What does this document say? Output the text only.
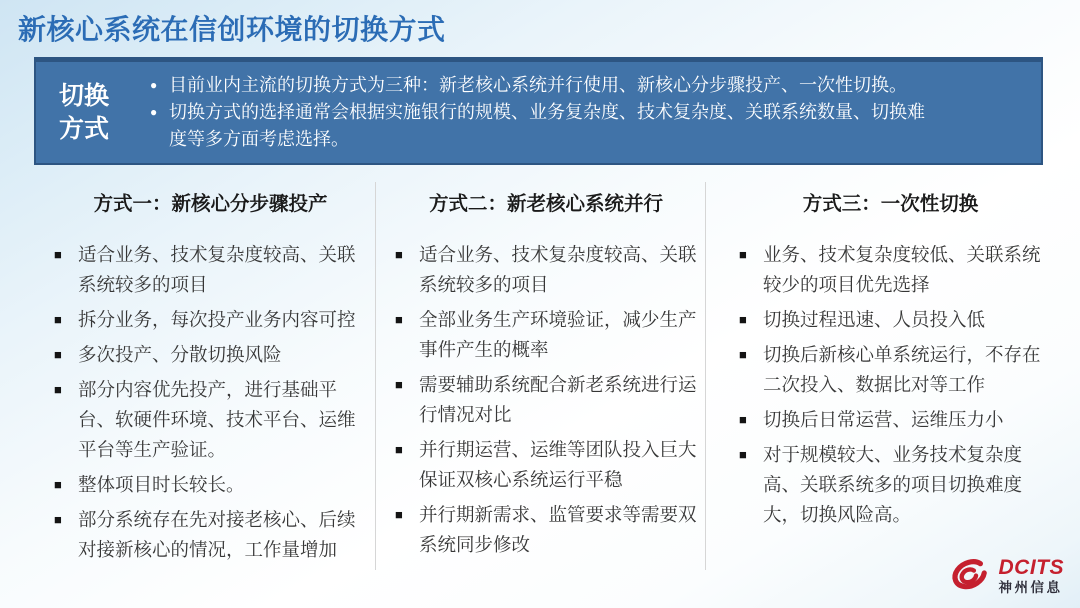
新核心系统在信创环境的切换方式
切换
方式
● 目前业内主流的切换方式为三种：新老核心系统并行使用、新核心分步骤投产、一次性切换。
● 切换方式的选择通常会根据实施银行的规模、业务复杂度、技术复杂度、关联系统数量、切换难度等多方面考虑选择。
方式一：新核心分步骤投产
■ 适合业务、技术复杂度较高、关联系统较多的项目
■ 拆分业务，每次投产业务内容可控
■ 多次投产、分散切换风险
■ 部分内容优先投产，进行基础平台、软硬件环境、技术平台、运维平台等生产验证。
■ 整体项目时长较长。
■ 部分系统存在先对接老核心、后续对接新核心的情况，工作量增加
方式二：新老核心系统并行
■ 适合业务、技术复杂度较高、关联系统较多的项目
■ 全部业务生产环境验证，减少生产事件产生的概率
■ 需要辅助系统配合新老系统进行运行情况对比
■ 并行期运营、运维等团队投入巨大保证双核心系统运行平稳
■ 并行期新需求、监管要求等需要双系统同步修改
方式三：一次性切换
■ 业务、技术复杂度较低、关联系统较少的项目优先选择
■ 切换过程迅速、人员投入低
■ 切换后新核心单系统运行，不存在二次投入、数据比对等工作
■ 切换后日常运营、运维压力小
■ 对于规模较大、业务技术复杂度高、关联系统多的项目切换难度大，切换风险高。
DCITS
神州信息
